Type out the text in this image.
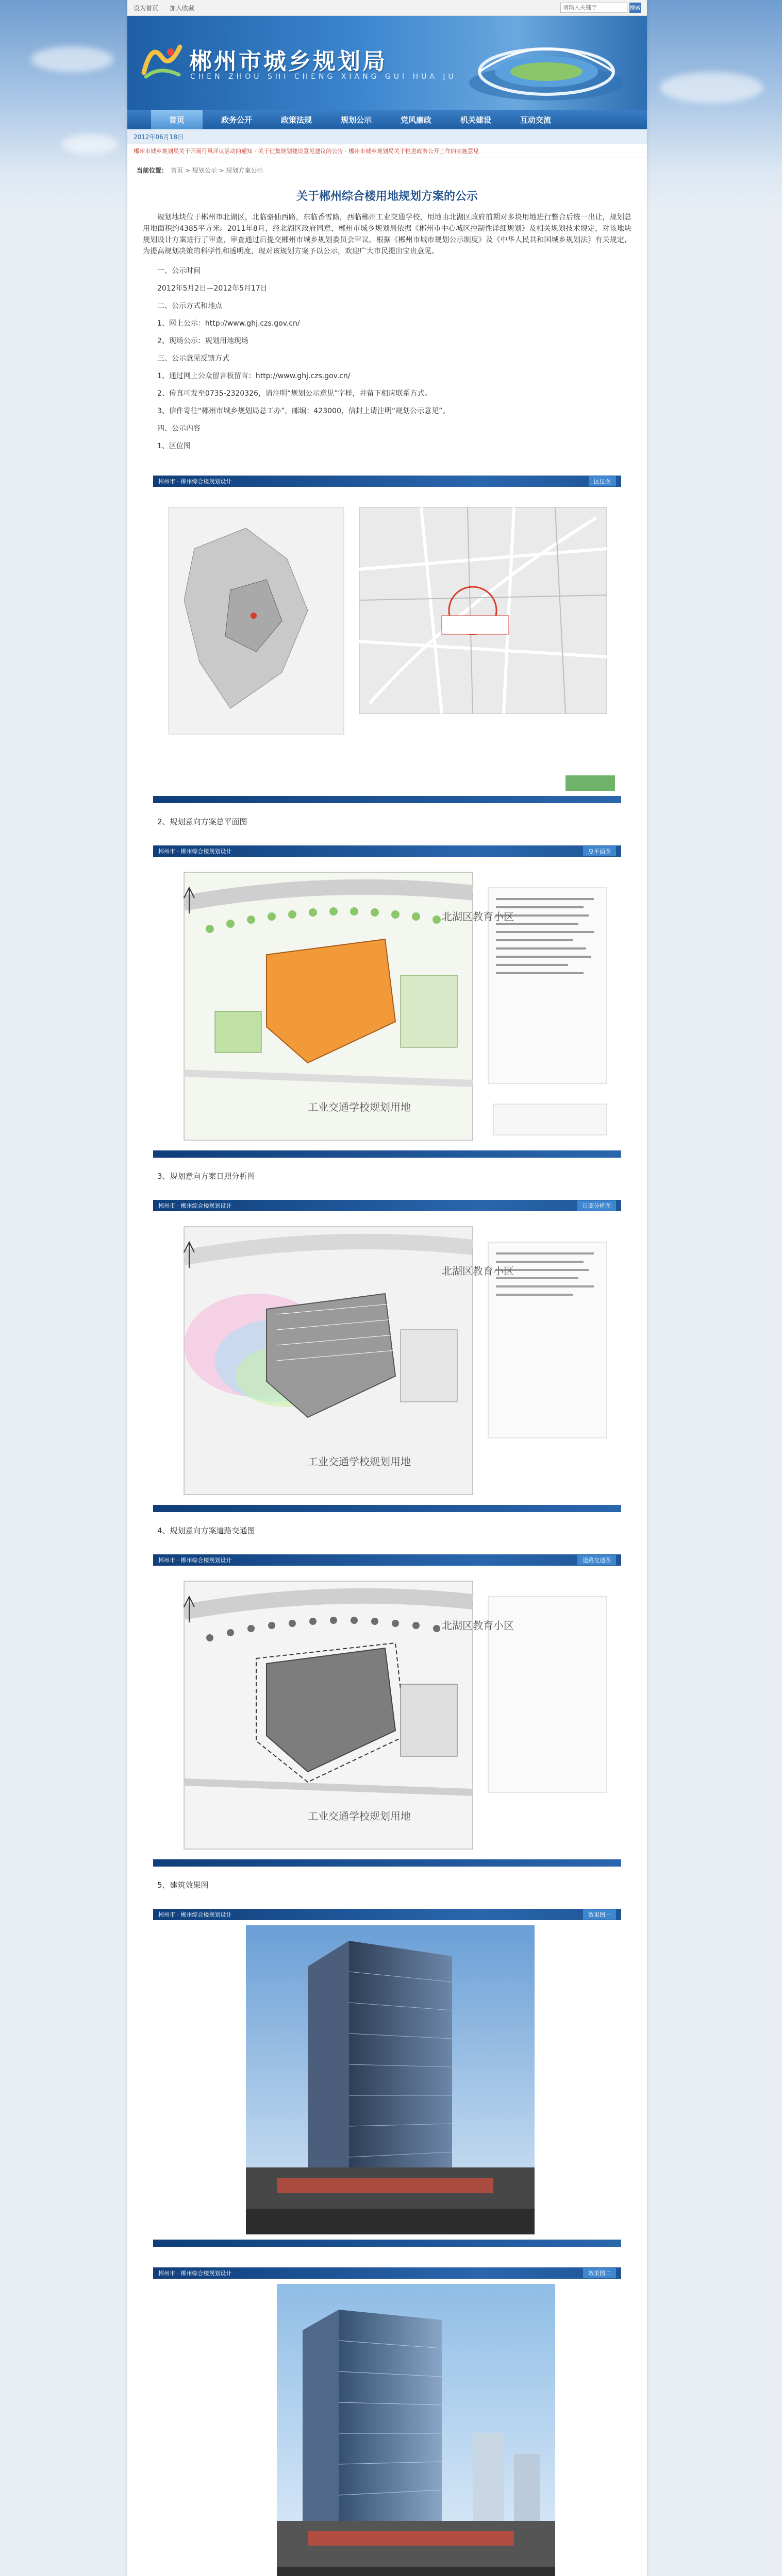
设为首页 加入收藏
请输入关键字	搜索
郴州市城乡规划局
CHEN ZHOU SHI CHENG XIANG GUI HUA JU
首页	政务公开	政策法规	规划公示	党风廉政	机关建设	互动交流
2012年06月18日
郴州市城乡规划局关于开展行风评议活动的通知 · 关于征集规划建设意见建议的公告 · 郴州市城乡规划局关于推进政务公开工作的实施意见
当前位置： 首页 > 规划公示 > 规划方案公示
关于郴州综合楼用地规划方案的公示
规划地块位于郴州市北湖区，北临骆仙西路，东临香雪路，西临郴州工业交通学校，用地由北湖区政府前期对多块用地进行整合后统一出让，规划总用地面积约4385平方米。2011年8月，经北湖区政府同意，郴州市城乡规划局依据《郴州市中心城区控制性详细规划》及相关规划技术规定，对该地块规划设计方案进行了审查，审查通过后提交郴州市城乡规划委员会审议。根据《郴州市城市规划公示制度》及《中华人民共和国城乡规划法》有关规定，为提高规划决策的科学性和透明度，现对该规划方案予以公示，欢迎广大市民提出宝贵意见。
一、公示时间
2012年5月2日—2012年5月17日
二、公示方式和地点
1、网上公示：http://www.ghj.czs.gov.cn/
2、现场公示：规划用地现场
三、公示意见反馈方式
1、通过网上公众留言板留言：http://www.ghj.czs.gov.cn/
2、传真可发至0735-2320326，请注明“规划公示意见”字样，并留下相应联系方式。
3、信件寄往“郴州市城乡规划局总工办”，邮编：423000，信封上请注明“规划公示意见”。
四、公示内容
1、区位图
郴州市 · 郴州综合楼规划设计	区位图
2、规划意向方案总平面图
郴州市 · 郴州综合楼规划设计	总平面图
北湖区教育小区
工业交通学校规划用地
3、规划意向方案日照分析图
郴州市 · 郴州综合楼规划设计	日照分析图
北湖区教育小区
工业交通学校规划用地
4、规划意向方案道路交通图
郴州市 · 郴州综合楼规划设计	道路交通图
北湖区教育小区
工业交通学校规划用地
5、建筑效果图
郴州市 · 郴州综合楼规划设计	效果图一
郴州市 · 郴州综合楼规划设计	效果图二
